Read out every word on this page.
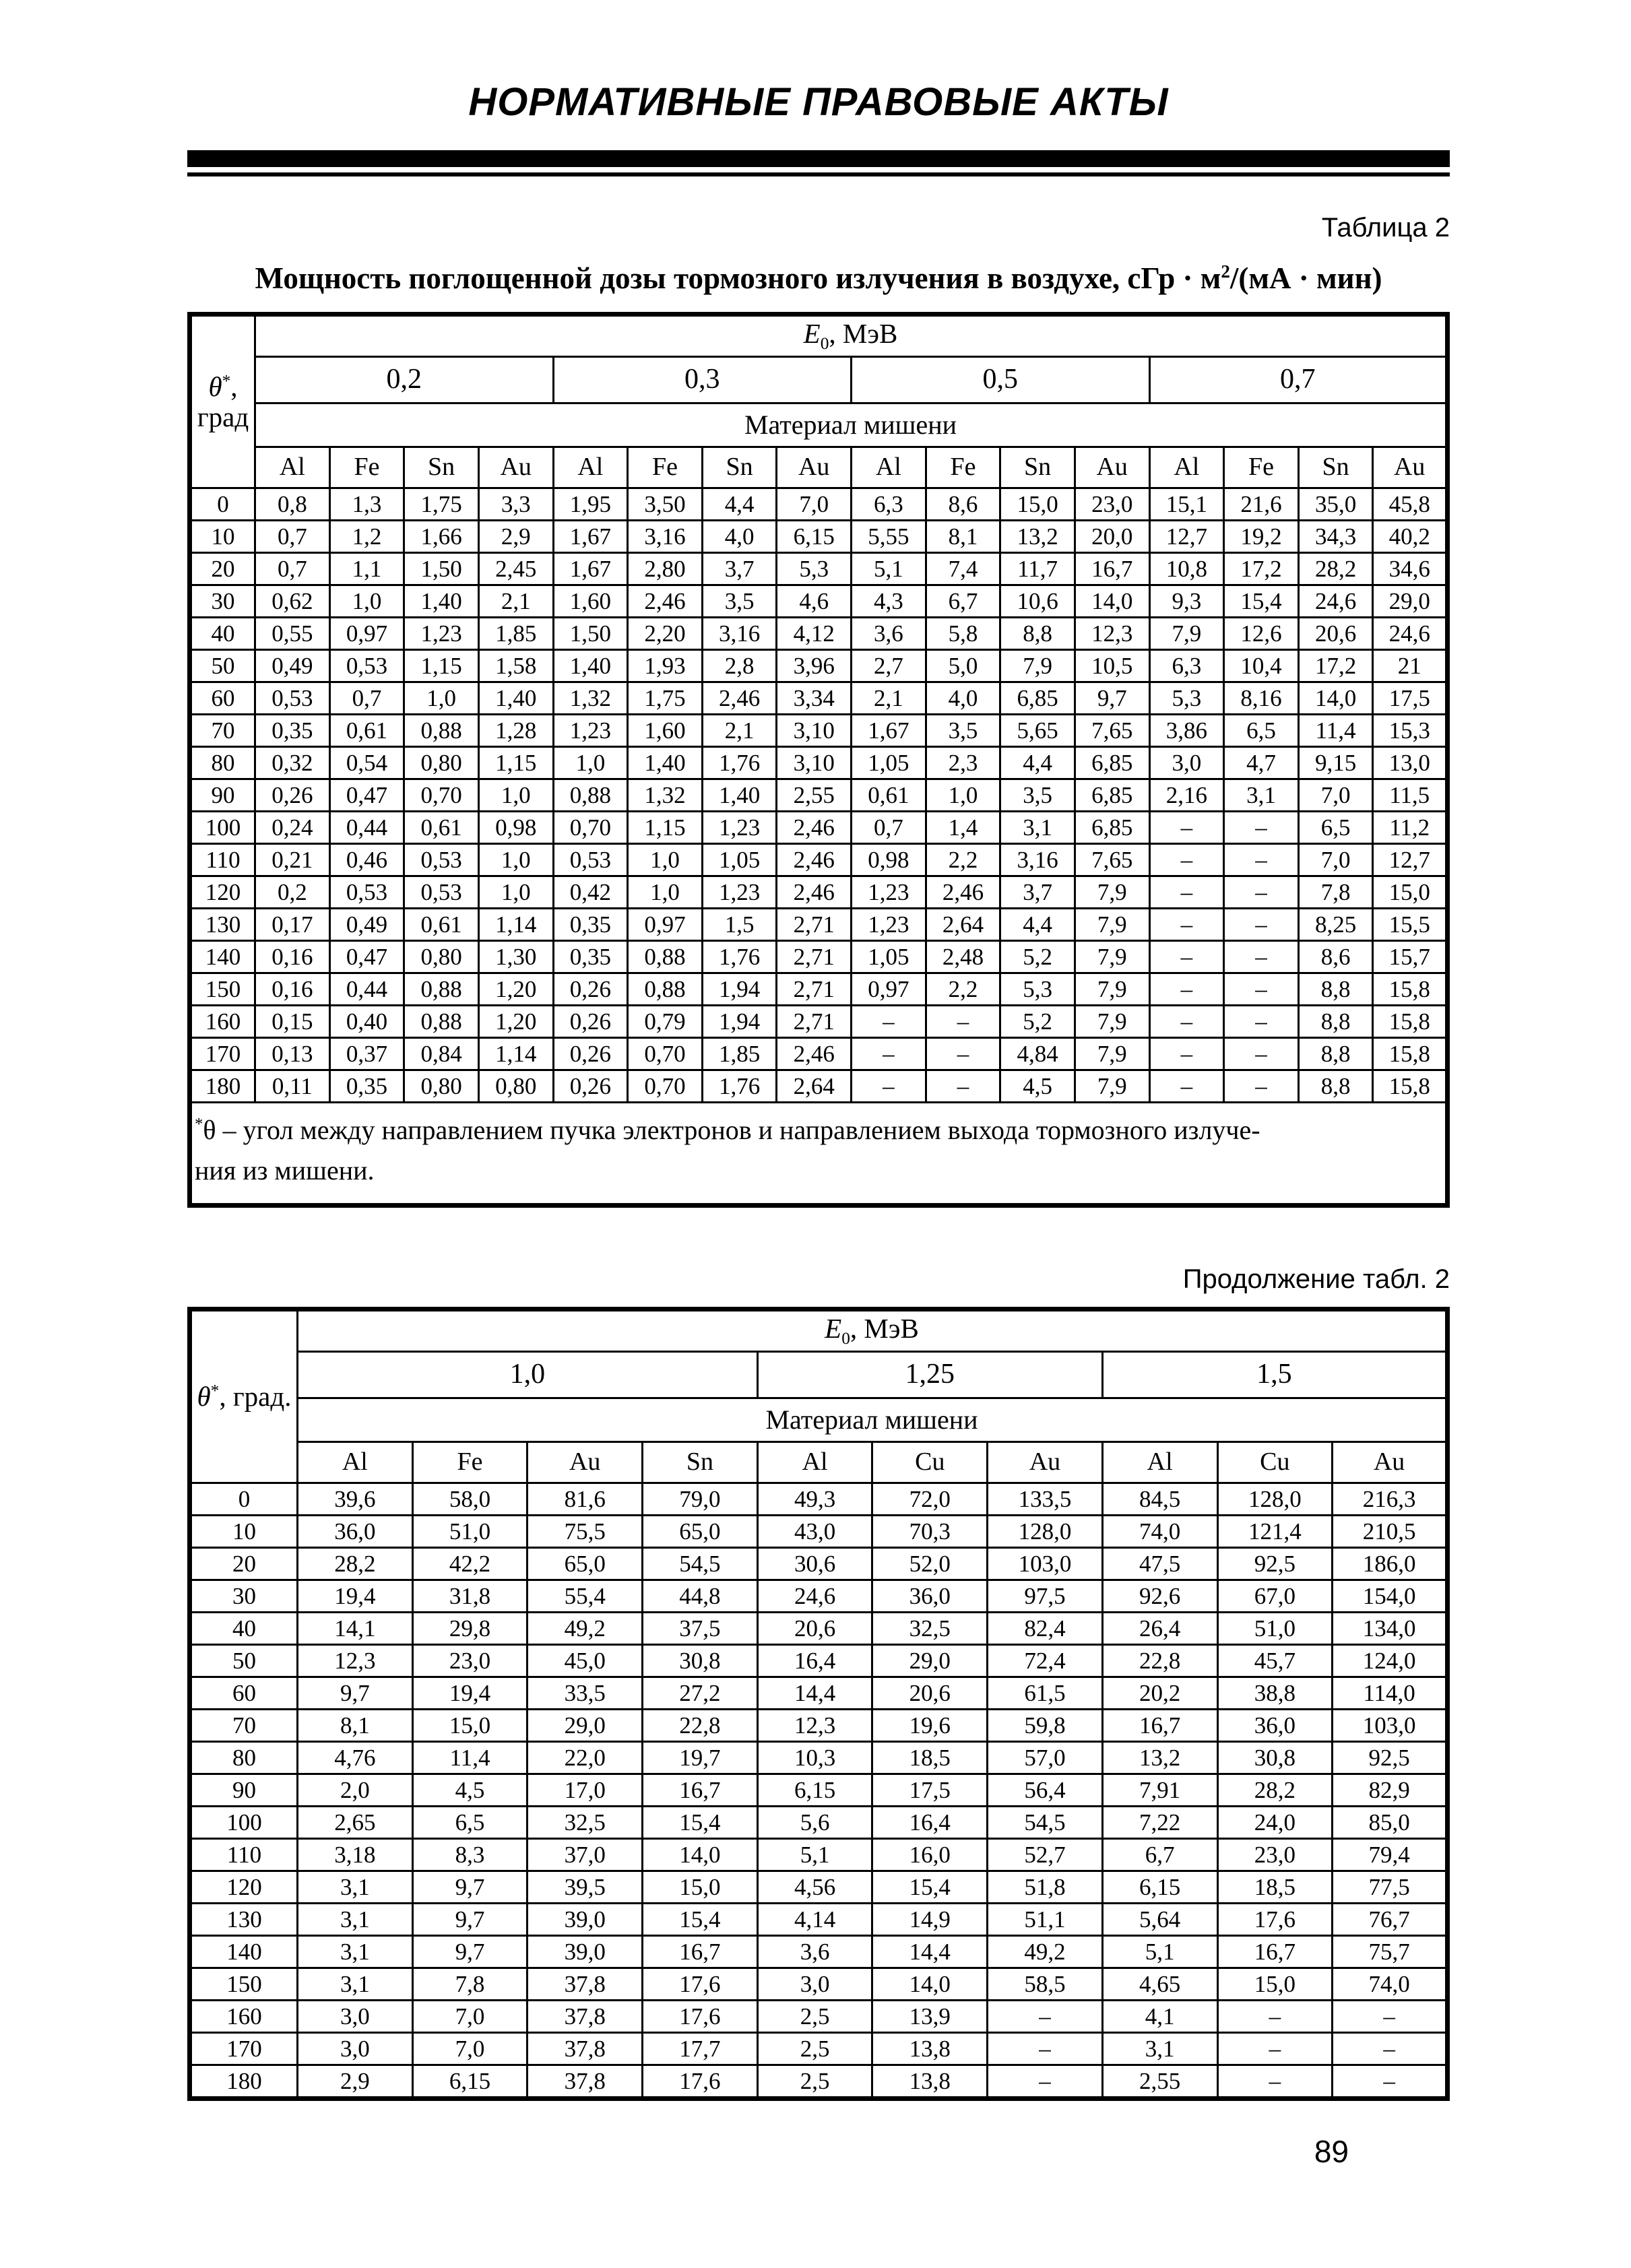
НОРМАТИВНЫЕ ПРАВОВЫЕ АКТЫ
Таблица 2
Мощность поглощенной дозы тормозного излучения в воздухе, сГр · $м^2/(мА \cdot мин)$
θ*,
град	$E_0$, МэВ															
	0,2				0,3				0,5				0,7			
	Материал мишени															
	Al	Fe	Sn	Au	Al	Fe	Sn	Au	Al	Fe	Sn	Au	Al	Fe	Sn	Au
0	0,8	1,3	1,75	3,3	1,95	3,50	4,4	7,0	6,3	8,6	15,0	23,0	15,1	21,6	35,0	45,8
10	0,7	1,2	1,66	2,9	1,67	3,16	4,0	6,15	5,55	8,1	13,2	20,0	12,7	19,2	34,3	40,2
20	0,7	1,1	1,50	2,45	1,67	2,80	3,7	5,3	5,1	7,4	11,7	16,7	10,8	17,2	28,2	34,6
30	0,62	1,0	1,40	2,1	1,60	2,46	3,5	4,6	4,3	6,7	10,6	14,0	9,3	15,4	24,6	29,0
40	0,55	0,97	1,23	1,85	1,50	2,20	3,16	4,12	3,6	5,8	8,8	12,3	7,9	12,6	20,6	24,6
50	0,49	0,53	1,15	1,58	1,40	1,93	2,8	3,96	2,7	5,0	7,9	10,5	6,3	10,4	17,2	21
60	0,53	0,7	1,0	1,40	1,32	1,75	2,46	3,34	2,1	4,0	6,85	9,7	5,3	8,16	14,0	17,5
70	0,35	0,61	0,88	1,28	1,23	1,60	2,1	3,10	1,67	3,5	5,65	7,65	3,86	6,5	11,4	15,3
80	0,32	0,54	0,80	1,15	1,0	1,40	1,76	3,10	1,05	2,3	4,4	6,85	3,0	4,7	9,15	13,0
90	0,26	0,47	0,70	1,0	0,88	1,32	1,40	2,55	0,61	1,0	3,5	6,85	2,16	3,1	7,0	11,5
100	0,24	0,44	0,61	0,98	0,70	1,15	1,23	2,46	0,7	1,4	3,1	6,85	–	–	6,5	11,2
110	0,21	0,46	0,53	1,0	0,53	1,0	1,05	2,46	0,98	2,2	3,16	7,65	–	–	7,0	12,7
120	0,2	0,53	0,53	1,0	0,42	1,0	1,23	2,46	1,23	2,46	3,7	7,9	–	–	7,8	15,0
130	0,17	0,49	0,61	1,14	0,35	0,97	1,5	2,71	1,23	2,64	4,4	7,9	–	–	8,25	15,5
140	0,16	0,47	0,80	1,30	0,35	0,88	1,76	2,71	1,05	2,48	5,2	7,9	–	–	8,6	15,7
150	0,16	0,44	0,88	1,20	0,26	0,88	1,94	2,71	0,97	2,2	5,3	7,9	–	–	8,8	15,8
160	0,15	0,40	0,88	1,20	0,26	0,79	1,94	2,71	–	–	5,2	7,9	–	–	8,8	15,8
170	0,13	0,37	0,84	1,14	0,26	0,70	1,85	2,46	–	–	4,84	7,9	–	–	8,8	15,8
180	0,11	0,35	0,80	0,80	0,26	0,70	1,76	2,64	–	–	4,5	7,9	–	–	8,8	15,8
*θ – угол между направлением пучка электронов и направлением выхода тормозного излуче-
ния из мишени.																
Продолжение табл. 2
θ*, град.	$E_0$, МэВ									
	1,0				1,25			1,5		
	Материал мишени									
	Al	Fe	Au	Sn	Al	Cu	Au	Al	Cu	Au
0	39,6	58,0	81,6	79,0	49,3	72,0	133,5	84,5	128,0	216,3
10	36,0	51,0	75,5	65,0	43,0	70,3	128,0	74,0	121,4	210,5
20	28,2	42,2	65,0	54,5	30,6	52,0	103,0	47,5	92,5	186,0
30	19,4	31,8	55,4	44,8	24,6	36,0	97,5	92,6	67,0	154,0
40	14,1	29,8	49,2	37,5	20,6	32,5	82,4	26,4	51,0	134,0
50	12,3	23,0	45,0	30,8	16,4	29,0	72,4	22,8	45,7	124,0
60	9,7	19,4	33,5	27,2	14,4	20,6	61,5	20,2	38,8	114,0
70	8,1	15,0	29,0	22,8	12,3	19,6	59,8	16,7	36,0	103,0
80	4,76	11,4	22,0	19,7	10,3	18,5	57,0	13,2	30,8	92,5
90	2,0	4,5	17,0	16,7	6,15	17,5	56,4	7,91	28,2	82,9
100	2,65	6,5	32,5	15,4	5,6	16,4	54,5	7,22	24,0	85,0
110	3,18	8,3	37,0	14,0	5,1	16,0	52,7	6,7	23,0	79,4
120	3,1	9,7	39,5	15,0	4,56	15,4	51,8	6,15	18,5	77,5
130	3,1	9,7	39,0	15,4	4,14	14,9	51,1	5,64	17,6	76,7
140	3,1	9,7	39,0	16,7	3,6	14,4	49,2	5,1	16,7	75,7
150	3,1	7,8	37,8	17,6	3,0	14,0	58,5	4,65	15,0	74,0
160	3,0	7,0	37,8	17,6	2,5	13,9	–	4,1	–	–
170	3,0	7,0	37,8	17,7	2,5	13,8	–	3,1	–	–
180	2,9	6,15	37,8	17,6	2,5	13,8	–	2,55	–	–
89
